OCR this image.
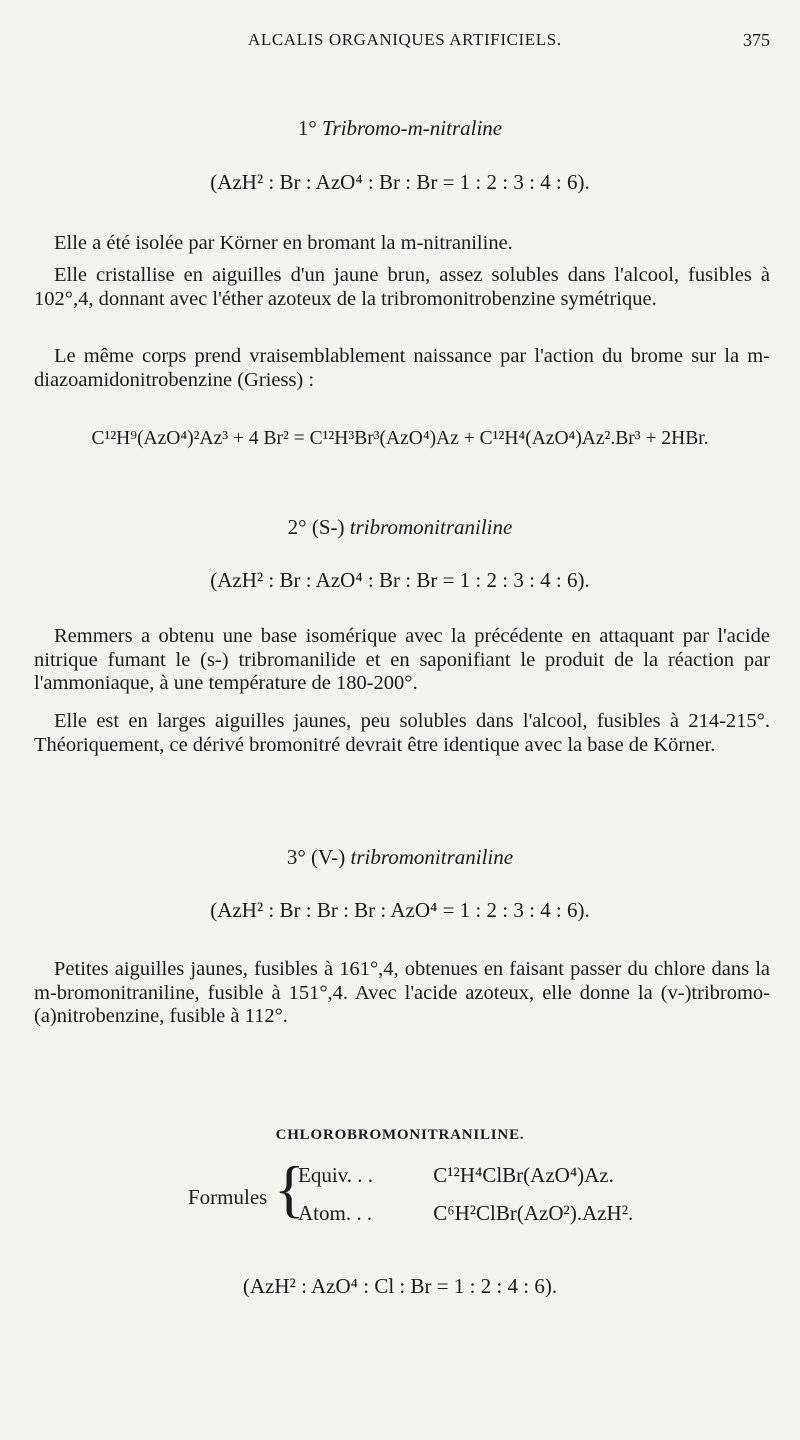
ALCALIS ORGANIQUES ARTIFICIELS.	375
1° Tribromo-m-nitraline
(AzH² : Br : AzO⁴ : Br : Br = 1 : 2 : 3 : 4 : 6).
Elle a été isolée par Körner en bromant la m-nitraniline.
Elle cristallise en aiguilles d'un jaune brun, assez solubles dans l'alcool, fusibles à 102°,4, donnant avec l'éther azoteux de la tribromonitrobenzine symétrique.
Le même corps prend vraisemblablement naissance par l'action du brome sur la m-diazoamidonitrobenzine (Griess) :
C¹²H⁹(AzO⁴)²Az³ + 4 Br² = C¹²H³Br³(AzO⁴)Az + C¹²H⁴(AzO⁴)Az².Br³ + 2HBr.
2° (S-) tribromonitraniline
(AzH² : Br : AzO⁴ : Br : Br = 1 : 2 : 3 : 4 : 6).
Remmers a obtenu une base isomérique avec la précédente en attaquant par l'acide nitrique fumant le (s-) tribromanilide et en saponifiant le produit de la réaction par l'ammoniaque, à une température de 180-200°.
Elle est en larges aiguilles jaunes, peu solubles dans l'alcool, fusibles à 214-215°. Théoriquement, ce dérivé bromonitré devrait être identique avec la base de Körner.
3° (V-) tribromonitraniline
(AzH² : Br : Br : Br : AzO⁴ = 1 : 2 : 3 : 4 : 6).
Petites aiguilles jaunes, fusibles à 161°,4, obtenues en faisant passer du chlore dans la m-bromonitraniline, fusible à 151°,4. Avec l'acide azoteux, elle donne la (v-)tribromo-(a)nitrobenzine, fusible à 112°.
CHLOROBROMONITRANILINE.
Formules {
Equiv. . .	C¹²H⁴ClBr(AzO⁴)Az.
Atom. . .	C⁶H²ClBr(AzO²).AzH².
(AzH² : AzO⁴ : Cl : Br = 1 : 2 : 4 : 6).
